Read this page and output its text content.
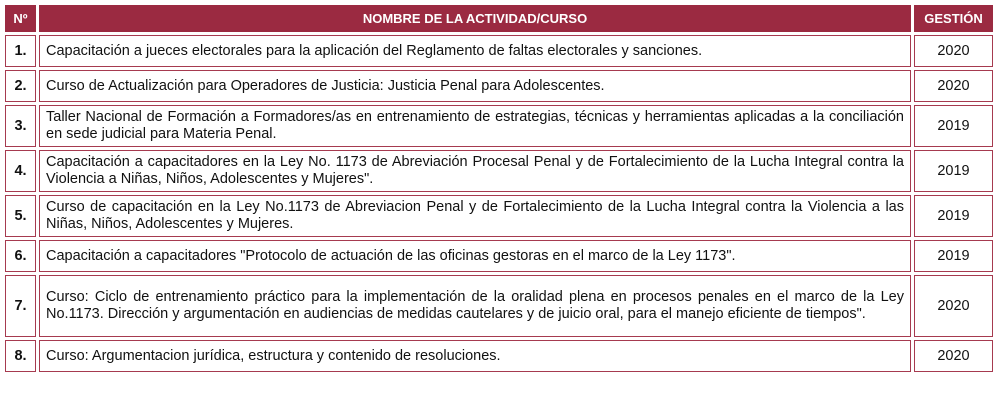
Nº	NOMBRE DE LA ACTIVIDAD/CURSO	GESTIÓN
1.	Capacitación a jueces electorales para la aplicación del Reglamento de faltas electorales y sanciones.	2020
2.	Curso de Actualización para Operadores de Justicia: Justicia Penal para Adolescentes.	2020
3.	Taller Nacional de Formación a Formadores/as en entrenamiento de estrategias, técnicas y herramientas aplicadas a la conciliación en sede judicial para Materia Penal.	2019
4.	Capacitación a capacitadores en la Ley No. 1173 de Abreviación Procesal Penal y de Fortalecimiento de la Lucha Integral contra la Violencia a Niñas, Niños, Adolescentes y Mujeres".	2019
5.	Curso de capacitación en la Ley No.1173 de Abreviacion Penal y de Fortalecimiento de la Lucha Integral contra la Violencia a las Niñas, Niños, Adolescentes y Mujeres.	2019
6.	Capacitación a capacitadores "Protocolo de actuación de las oficinas gestoras en el marco de la Ley 1173".	2019
7.	Curso: Ciclo de entrenamiento práctico para la implementación de la oralidad plena en procesos penales en el marco de la Ley No.1173. Dirección y argumentación en audiencias de medidas cautelares y de juicio oral, para el manejo eficiente de tiempos".	2020
8.	Curso: Argumentacion jurídica, estructura y contenido de resoluciones.	2020
